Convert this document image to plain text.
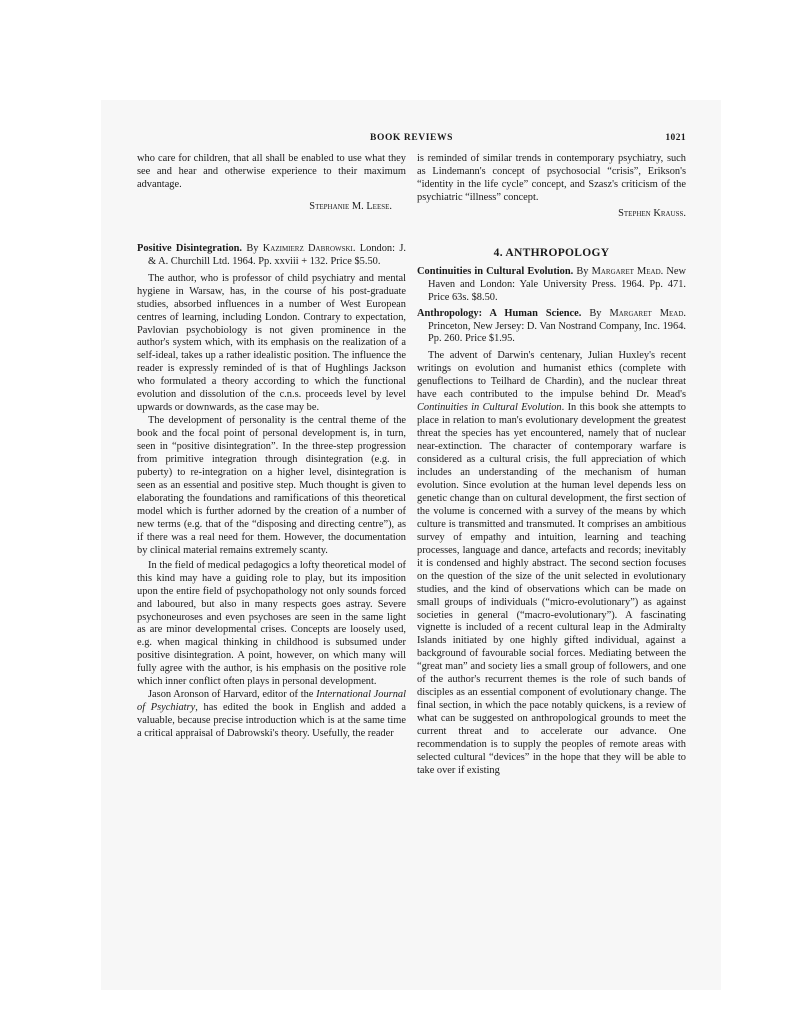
BOOK REVIEWS	1021

who care for children, that all shall be enabled to use what they see and hear and otherwise experience to their maximum advantage.

Stephanie M. Leese.

Positive Disintegration. By Kazimierz Dabrowski. London: J. & A. Churchill Ltd. 1964. Pp. xxviii + 132. Price $5.50.

The author, who is professor of child psychiatry and mental hygiene in Warsaw, has, in the course of his post-graduate studies, absorbed influences in a number of West European centres of learning, including London. Contrary to expectation, Pavlovian psychobiology is not given prominence in the author's system which, with its emphasis on the realization of a self-ideal, takes up a rather idealistic position. The influence the reader is expressly reminded of is that of Hughlings Jackson who formulated a theory according to which the functional evolution and dissolution of the c.n.s. proceeds level by level upwards or downwards, as the case may be.

The development of personality is the central theme of the book and the focal point of personal development is, in turn, seen in “positive disintegration”. In the three-step progression from primitive integration through disintegration (e.g. in puberty) to re-integration on a higher level, disintegration is seen as an essential and positive step. Much thought is given to elaborating the foundations and ramifications of this theoretical model which is further adorned by the creation of a number of new terms (e.g. that of the “disposing and directing centre”), as if there was a real need for them. However, the documentation by clinical material remains extremely scanty.

In the field of medical pedagogics a lofty theoretical model of this kind may have a guiding role to play, but its imposition upon the entire field of psychopathology not only sounds forced and laboured, but also in many respects goes astray. Severe psychoneuroses and even psychoses are seen in the same light as are minor developmental crises. Concepts are loosely used, e.g. when magical thinking in childhood is subsumed under positive disintegration. A point, however, on which many will fully agree with the author, is his emphasis on the positive role which inner conflict often plays in personal development.

Jason Aronson of Harvard, editor of the International Journal of Psychiatry, has edited the book in English and added a valuable, because precise introduction which is at the same time a critical appraisal of Dabrowski's theory. Usefully, the reader

is reminded of similar trends in contemporary psychiatry, such as Lindemann's concept of psychosocial “crisis”, Erikson's “identity in the life cycle” concept, and Szasz's criticism of the psychiatric “illness” concept.

Stephen Krauss.

4. ANTHROPOLOGY

Continuities in Cultural Evolution. By Margaret Mead. New Haven and London: Yale University Press. 1964. Pp. 471. Price 63s. $8.50.

Anthropology: A Human Science. By Margaret Mead. Princeton, New Jersey: D. Van Nostrand Company, Inc. 1964. Pp. 260. Price $1.95.

The advent of Darwin's centenary, Julian Huxley's recent writings on evolution and humanist ethics (complete with genuflections to Teilhard de Chardin), and the nuclear threat have each contributed to the impulse behind Dr. Mead's Continuities in Cultural Evolution. In this book she attempts to place in relation to man's evolutionary development the greatest threat the species has yet encountered, namely that of nuclear near-extinction. The character of contemporary warfare is considered as a cultural crisis, the full appreciation of which includes an understanding of the mechanism of human evolution. Since evolution at the human level depends less on genetic change than on cultural development, the first section of the volume is concerned with a survey of the means by which culture is transmitted and transmuted. It comprises an ambitious survey of empathy and intuition, learning and teaching processes, language and dance, artefacts and records; inevitably it is condensed and highly abstract. The second section focuses on the question of the size of the unit selected in evolutionary studies, and the kind of observations which can be made on small groups of individuals (“micro-evolutionary”) as against societies in general (“macro-evolutionary”). A fascinating vignette is included of a recent cultural leap in the Admiralty Islands initiated by one highly gifted individual, against a background of favourable social forces. Mediating between the “great man” and society lies a small group of followers, and one of the author's recurrent themes is the role of such bands of disciples as an essential component of evolutionary change. The final section, in which the pace notably quickens, is a review of what can be suggested on anthropological grounds to meet the current threat and to accelerate our advance. One recommendation is to supply the peoples of remote areas with selected cultural “devices” in the hope that they will be able to take over if existing
